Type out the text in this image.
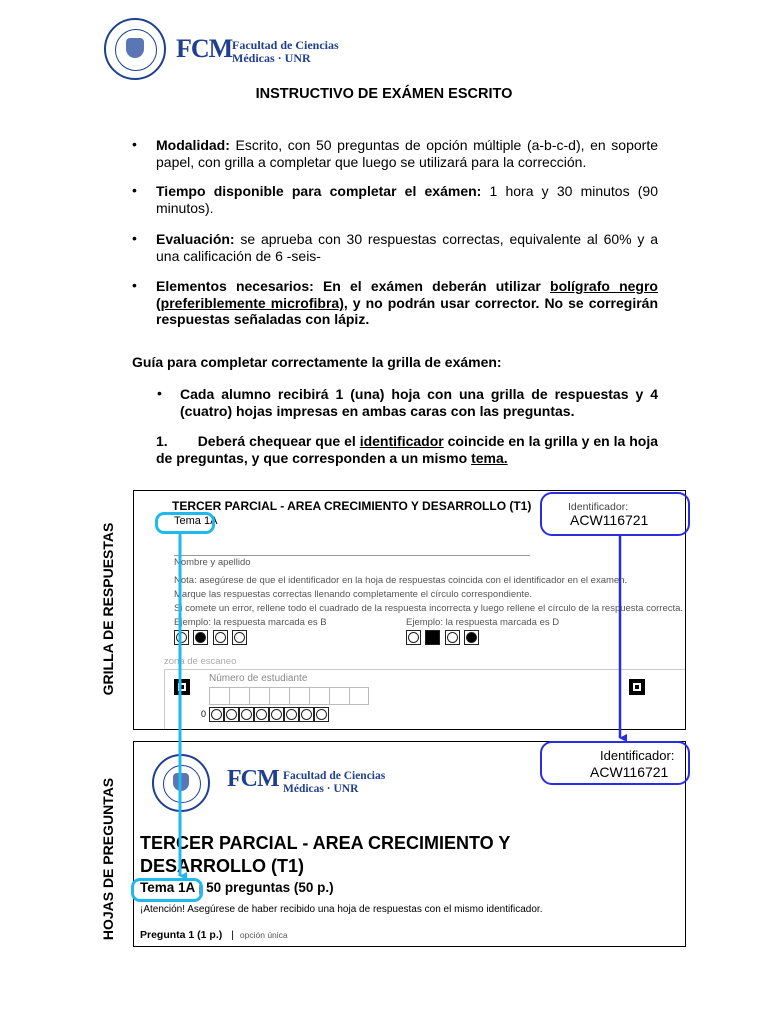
FCM Facultad de Ciencias
Médicas · UNR
INSTRUCTIVO DE EXÁMEN ESCRITO
• Modalidad: Escrito, con 50 preguntas de opción múltiple (a-b-c-d), en soporte papel, con grilla a completar que luego se utilizará para la corrección.
• Tiempo disponible para completar el exámen: 1 hora y 30 minutos (90 minutos).
• Evaluación: se aprueba con 30 respuestas correctas, equivalente al 60% y a una calificación de 6 -seis-
• Elementos necesarios: En el exámen deberán utilizar bolígrafo negro (preferiblemente microfibra), y no podrán usar corrector. No se corregirán respuestas señaladas con lápiz.
Guía para completar correctamente la grilla de exámen:
• Cada alumno recibirá 1 (una) hoja con una grilla de respuestas y 4 (cuatro) hojas impresas en ambas caras con las preguntas.
1. Deberá chequear que el identificador coincide en la grilla y en la hoja de preguntas, y que corresponden a un mismo tema.
GRILLA DE RESPUESTAS
HOJAS DE PREGUNTAS
TERCER PARCIAL - AREA CRECIMIENTO Y DESARROLLO (T1)
Tema 1A
Identificador:
ACW116721
Nombre y apellido
Nota: asegúrese de que el identificador en la hoja de respuestas coincida con el identificador en el examen.
Marque las respuestas correctas llenando completamente el círculo correspondiente.
Si comete un error, rellene todo el cuadrado de la respuesta incorrecta y luego rellene el círculo de la respuesta correcta.
Ejemplo: la respuesta marcada es B	Ejemplo: la respuesta marcada es D

zona de escaneo
Número de estudiante
0
FCM Facultad de Ciencias
Médicas · UNR
Identificador:
ACW116721
TERCER PARCIAL - AREA CRECIMIENTO Y
DESARROLLO (T1)
Tema 1A | 50 preguntas (50 p.)
¡Atención! Asegúrese de haber recibido una hoja de respuestas con el mismo identificador.
Pregunta 1 (1 p.) | opción única
